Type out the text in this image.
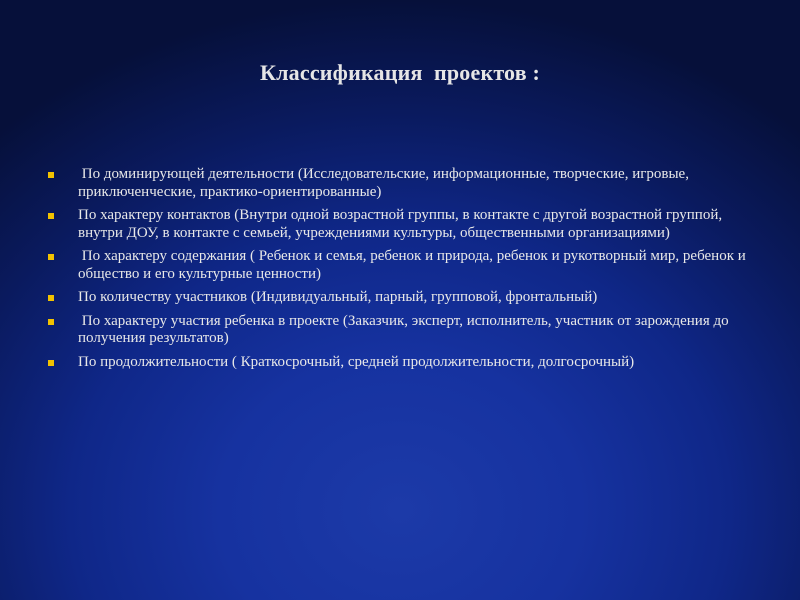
Классификация  проектов :
По доминирующей деятельности (Исследовательские, информационные, творческие, игровые, приключенческие, практико-ориентированные)
По характеру контактов (Внутри одной возрастной группы, в контакте с другой возрастной группой, внутри ДОУ, в контакте с семьей, учреждениями культуры, общественными организациями)
По характеру содержания ( Ребенок и семья, ребенок и природа, ребенок и рукотворный мир, ребенок и общество и его культурные ценности)
По количеству участников (Индивидуальный, парный, групповой, фронтальный)
По характеру участия ребенка в проекте (Заказчик, эксперт, исполнитель, участник от зарождения до получения результатов)
По продолжительности ( Краткосрочный, средней продолжительности, долгосрочный)
